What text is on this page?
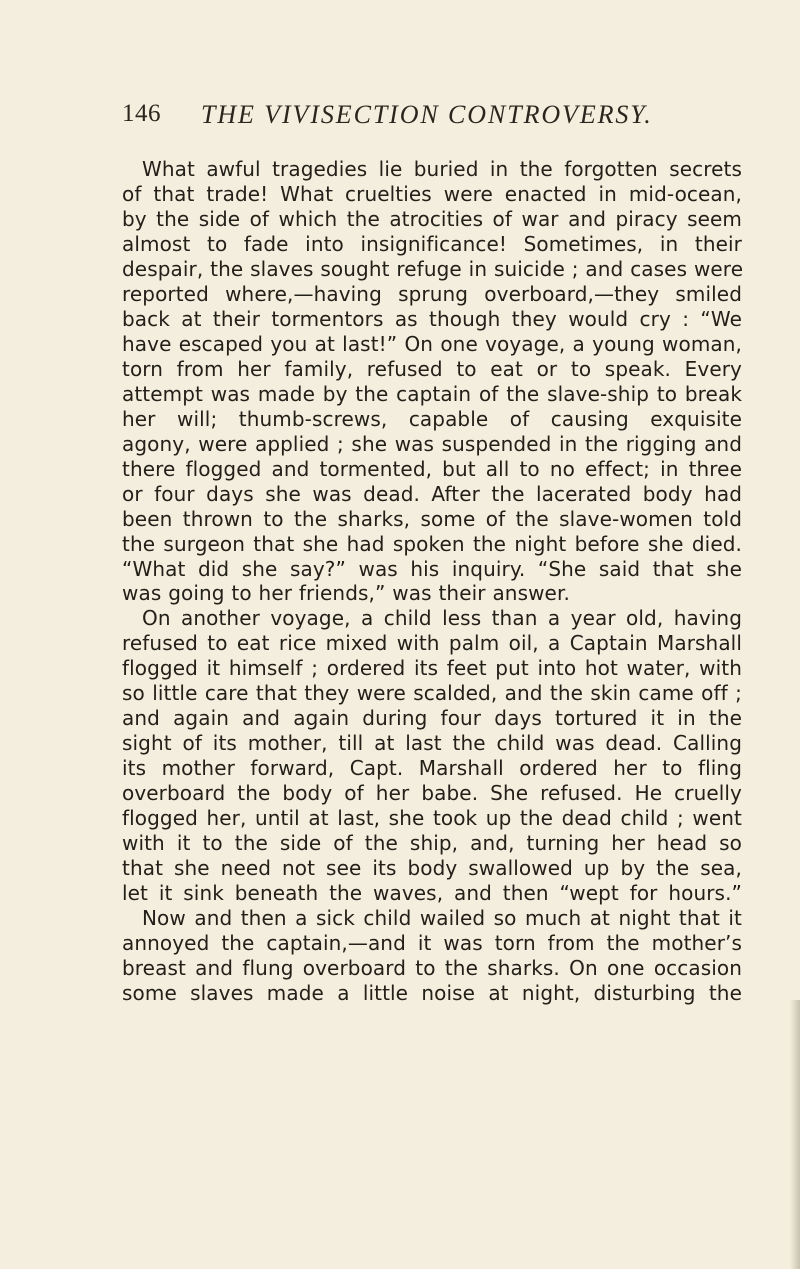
146 THE VIVISECTION CONTROVERSY.
What awful tragedies lie buried in the forgotten secrets
of that trade! What cruelties were enacted in mid-ocean,
by the side of which the atrocities of war and piracy seem
almost to fade into insignificance! Sometimes, in their
despair, the slaves sought refuge in suicide ; and cases were
reported where,—having sprung overboard,—they smiled
back at their tormentors as though they would cry : “We
have escaped you at last!” On one voyage, a young woman,
torn from her family, refused to eat or to speak. Every
attempt was made by the captain of the slave-ship to break
her will; thumb-screws, capable of causing exquisite
agony, were applied ; she was suspended in the rigging and
there flogged and tormented, but all to no effect; in three
or four days she was dead. After the lacerated body had
been thrown to the sharks, some of the slave-women told
the surgeon that she had spoken the night before she died.
“What did she say?” was his inquiry. “She said that she
was going to her friends,” was their answer.
On another voyage, a child less than a year old, having
refused to eat rice mixed with palm oil, a Captain Marshall
flogged it himself ; ordered its feet put into hot water, with
so little care that they were scalded, and the skin came off ;
and again and again during four days tortured it in the
sight of its mother, till at last the child was dead. Calling
its mother forward, Capt. Marshall ordered her to fling
overboard the body of her babe. She refused. He cruelly
flogged her, until at last, she took up the dead child ; went
with it to the side of the ship, and, turning her head so
that she need not see its body swallowed up by the sea,
let it sink beneath the waves, and then “wept for hours.”
Now and then a sick child wailed so much at night that it
annoyed the captain,—and it was torn from the mother’s
breast and flung overboard to the sharks. On one occasion
some slaves made a little noise at night, disturbing the
